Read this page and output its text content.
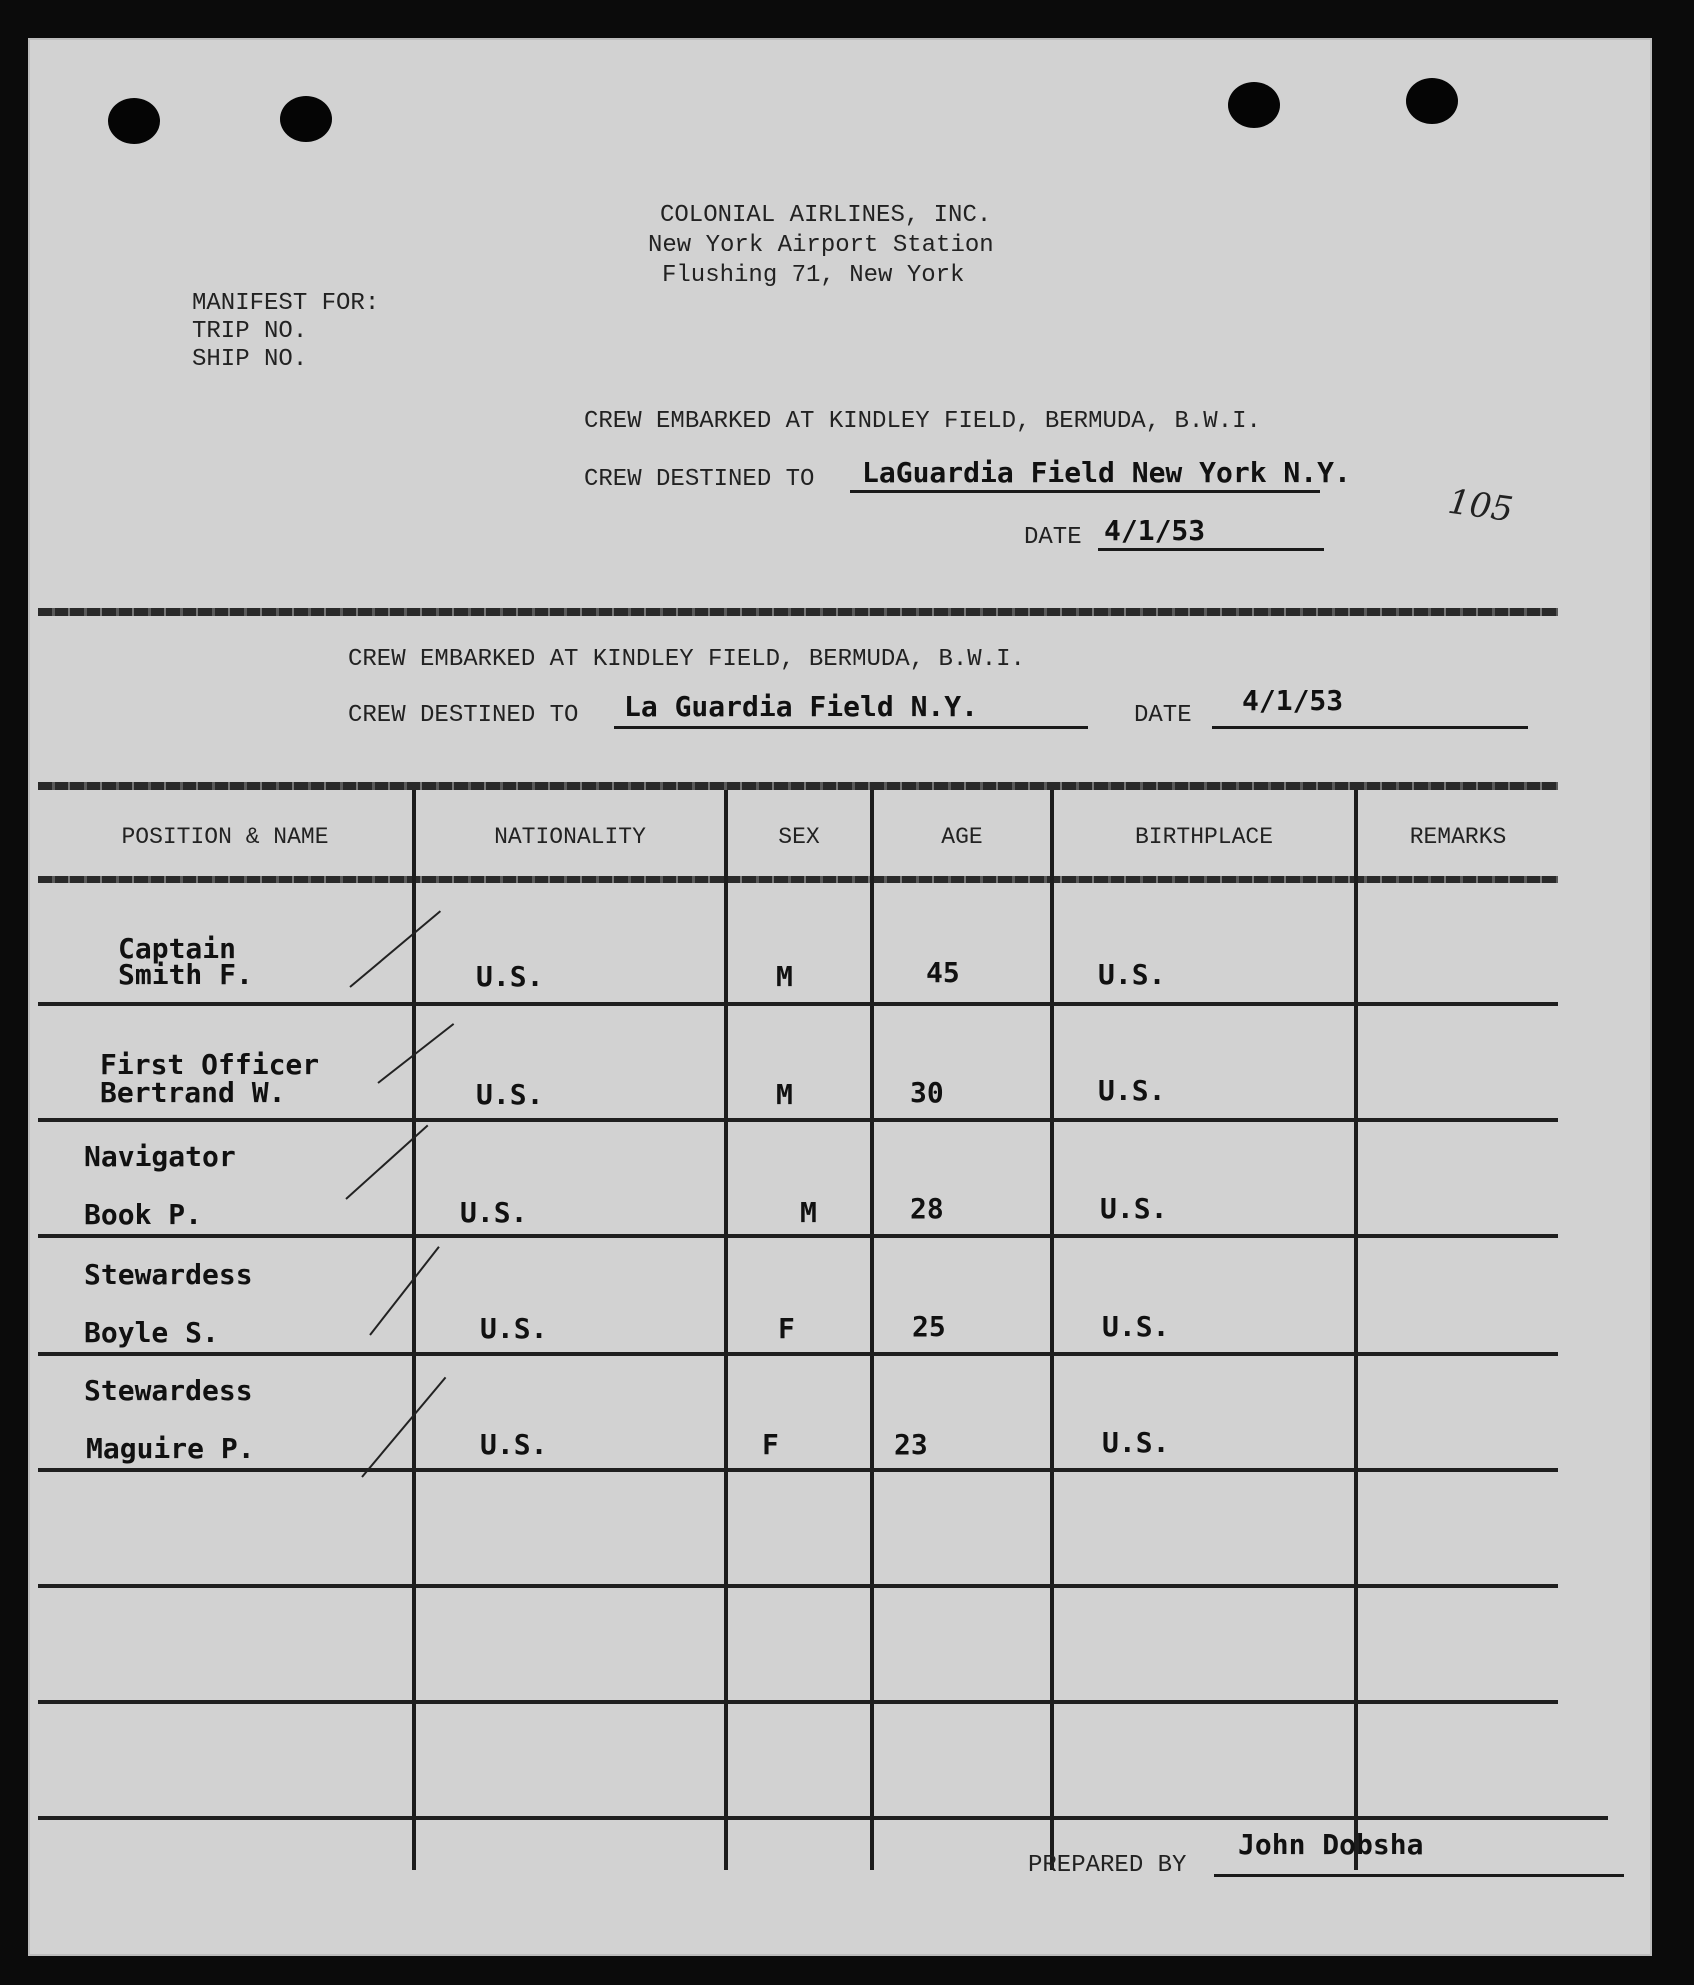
COLONIAL AIRLINES, INC.
New York Airport Station
Flushing 71, New York
MANIFEST FOR:
TRIP NO.
SHIP NO.
CREW EMBARKED AT KINDLEY FIELD, BERMUDA, B.W.I.
CREW DESTINED TO LaGuardia Field New York N.Y.
105
DATE 4/1/53
CREW EMBARKED AT KINDLEY FIELD, BERMUDA, B.W.I.
CREW DESTINED TO La Guardia Field N.Y.	DATE 4/1/53
POSITION & NAME	NATIONALITY	SEX	AGE	BIRTHPLACE	REMARKS
Captain
Smith F.	U.S.	M	45	U.S.
First Officer
Bertrand W.	U.S.	M	30	U.S.
Navigator
Book P.	U.S.	M	28	U.S.
Stewardess
Boyle S.	U.S.	F	25	U.S.
Stewardess
Maguire P.	U.S.	F	23	U.S.
PREPARED BY
John Dobsha
